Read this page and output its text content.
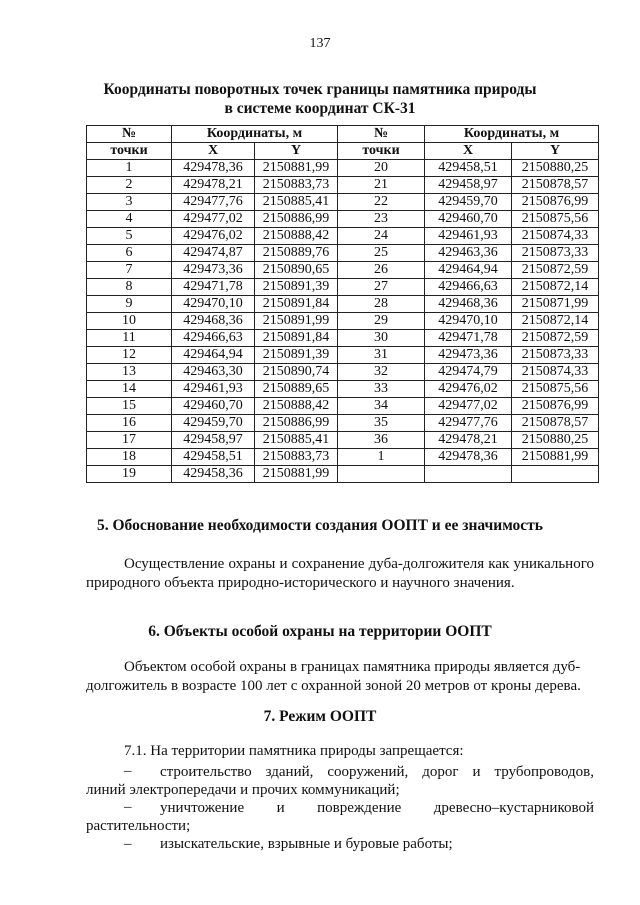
137
Координаты поворотных точек границы памятника природы
в системе координат СК-31
№	Координаты, м		№	Координаты, м	
точки	X	Y	точки	X	Y
1	429478,36	2150881,99	20	429458,51	2150880,25
2	429478,21	2150883,73	21	429458,97	2150878,57
3	429477,76	2150885,41	22	429459,70	2150876,99
4	429477,02	2150886,99	23	429460,70	2150875,56
5	429476,02	2150888,42	24	429461,93	2150874,33
6	429474,87	2150889,76	25	429463,36	2150873,33
7	429473,36	2150890,65	26	429464,94	2150872,59
8	429471,78	2150891,39	27	429466,63	2150872,14
9	429470,10	2150891,84	28	429468,36	2150871,99
10	429468,36	2150891,99	29	429470,10	2150872,14
11	429466,63	2150891,84	30	429471,78	2150872,59
12	429464,94	2150891,39	31	429473,36	2150873,33
13	429463,30	2150890,74	32	429474,79	2150874,33
14	429461,93	2150889,65	33	429476,02	2150875,56
15	429460,70	2150888,42	34	429477,02	2150876,99
16	429459,70	2150886,99	35	429477,76	2150878,57
17	429458,97	2150885,41	36	429478,21	2150880,25
18	429458,51	2150883,73	1	429478,36	2150881,99
19	429458,36	2150881,99			
5. Обоснование необходимости создания ООПТ и ее значимость
Осуществление охраны и сохранение дуба-долгожителя как уникального природного объекта природно-исторического и научного значения.
6. Объекты особой охраны на территории ООПТ
Объектом особой охраны в границах памятника природы является дуб-
долгожитель в возрасте 100 лет с охранной зоной 20 метров от кроны дерева.
7. Режим ООПТ
7.1. На территории памятника природы запрещается:
– строительство зданий, сооружений, дорог и трубопроводов,
линий электропередачи и прочих коммуникаций;
– уничтожение и повреждение древесно–кустарниковой
растительности;
– изыскательские, взрывные и буровые работы;
